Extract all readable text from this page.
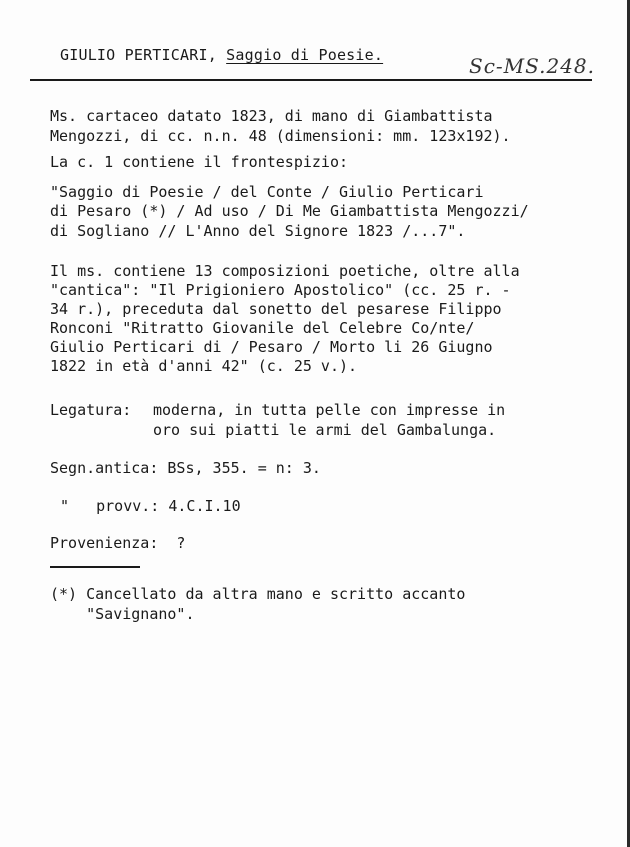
GIULIO PERTICARI, Saggio di Poesie.	Sc-MS.248.
Ms. cartaceo datato 1823, di mano di Giambattista
Mengozzi, di cc. n.n. 48 (dimensioni: mm. 123x192).
La c. 1 contiene il frontespizio:
"Saggio di Poesie / del Conte / Giulio Perticari
di Pesaro (*) / Ad uso / Di Me Giambattista Mengozzi/
di Sogliano // L'Anno del Signore 1823 /...7".
Il ms. contiene 13 composizioni poetiche, oltre alla
"cantica": "Il Prigioniero Apostolico" (cc. 25 r. -
34 r.), preceduta dal sonetto del pesarese Filippo
Ronconi "Ritratto Giovanile del Celebre Co/nte/
Giulio Perticari di / Pesaro / Morto li 26 Giugno
1822 in età d'anni 42" (c. 25 v.).
Legatura: moderna, in tutta pelle con impresse in
oro sui piatti le armi del Gambalunga.
Segn.antica: BSs, 355. = n: 3.
"   provv.: 4.C.I.10
Provenienza:  ?
(*) Cancellato da altra mano e scritto accanto
"Savignano".
